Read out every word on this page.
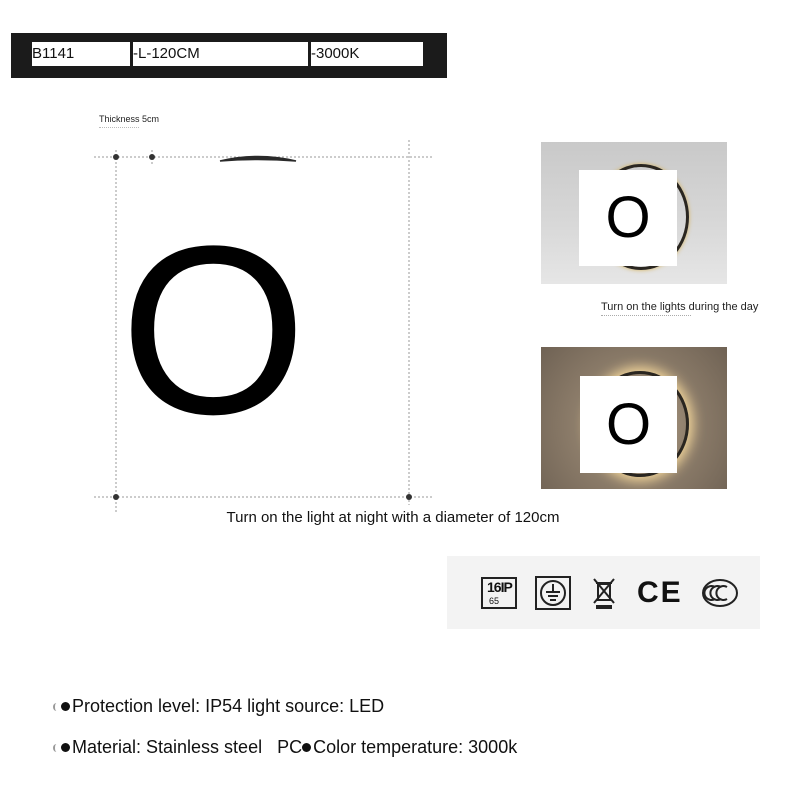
B1141	-L-120CM	-3000K
Thickness 5cm
O
Turn on the light at night with a diameter of 120cm
O
Turn on the lights during the day
O
16IP
65	CE
Protection level: IP54 light source: LED
Material: Stainless steel   PC Color temperature: 3000k
